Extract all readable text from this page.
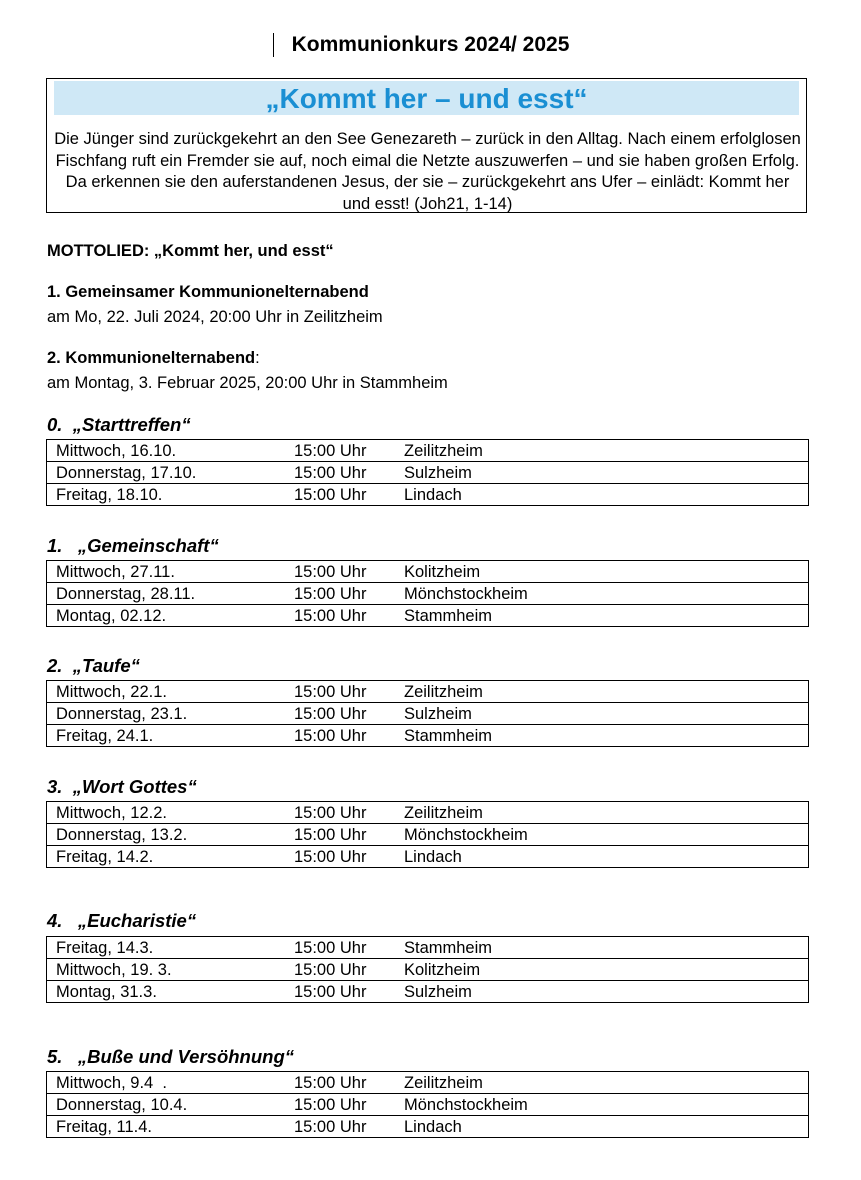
Kommunionkurs 2024/ 2025
„Kommt her – und esst“
Die Jünger sind zurückgekehrt an den See Genezareth – zurück in den Alltag. Nach einem erfolglosen Fischfang ruft ein Fremder sie auf, noch eimal die Netzte auszuwerfen – und sie haben großen Erfolg. Da erkennen sie den auferstandenen Jesus, der sie – zurückgekehrt ans Ufer – einlädt: Kommt her und esst! (Joh21, 1-14)
MOTTOLIED: „Kommt her, und esst“
1. Gemeinsamer Kommunionelternabend
am Mo, 22. Juli 2024, 20:00 Uhr in Zeilitzheim
2. Kommunionelternabend:
am Montag, 3. Februar 2025, 20:00 Uhr in Stammheim
0.  „Starttreffen“
Mittwoch, 16.10.	15:00 Uhr	Zeilitzheim
Donnerstag, 17.10.	15:00 Uhr	Sulzheim
Freitag, 18.10.	15:00 Uhr	Lindach
1.   „Gemeinschaft“
Mittwoch, 27.11.	15:00 Uhr	Kolitzheim
Donnerstag, 28.11.	15:00 Uhr	Mönchstockheim
Montag, 02.12.	15:00 Uhr	Stammheim
2.  „Taufe“
Mittwoch, 22.1.	15:00 Uhr	Zeilitzheim
Donnerstag, 23.1.	15:00 Uhr	Sulzheim
Freitag, 24.1.	15:00 Uhr	Stammheim
3.  „Wort Gottes“
Mittwoch, 12.2.	15:00 Uhr	Zeilitzheim
Donnerstag, 13.2.	15:00 Uhr	Mönchstockheim
Freitag, 14.2.	15:00 Uhr	Lindach
4.   „Eucharistie“
Freitag, 14.3.	15:00 Uhr	Stammheim
Mittwoch, 19. 3.	15:00 Uhr	Kolitzheim
Montag, 31.3.	15:00 Uhr	Sulzheim
5.   „Buße und Versöhnung“
Mittwoch, 9.4  .	15:00 Uhr	Zeilitzheim
Donnerstag, 10.4.	15:00 Uhr	Mönchstockheim
Freitag, 11.4.	15:00 Uhr	Lindach
